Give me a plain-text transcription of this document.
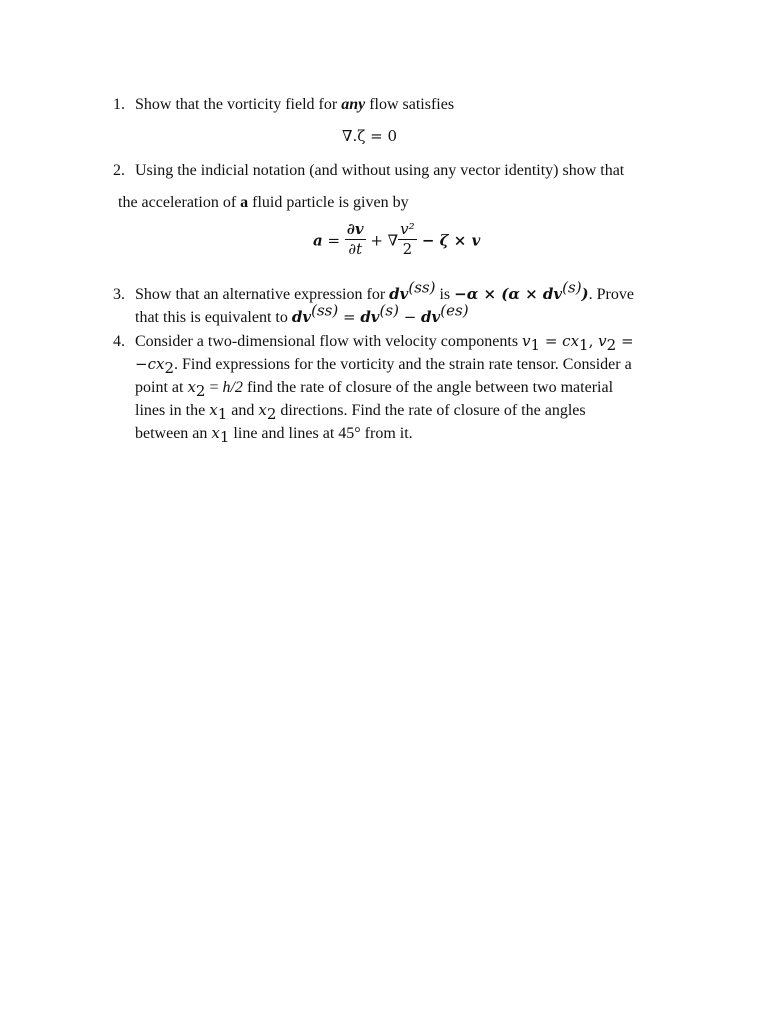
1. Show that the vorticity field for any flow satisfies
∇.ζ = 0
2. Using the indicial notation (and without using any vector identity) show that
the acceleration of a fluid particle is given by
$a = \frac{\partial v}{\partial t}$ + ∇ $\frac{\text{v²}}{2} - \zeta \times v$
3. Show that an alternative expression for $dv^{(ss)}$ is $-\alpha \times (\alpha \times dv^{(s)})$. Prove
that this is equivalent to $dv^{(ss)} = dv^{(s)} - dv^{(es)}$
4. Consider a two-dimensional flow with velocity components $v_1 = cx_1$, $v_2$ =
$-cx_2$. Find expressions for the vorticity and the strain rate tensor. Consider a
point at $x_2 = h/2$ find the rate of closure of the angle between two material
lines in the $x_1$ and $x_2$ directions. Find the rate of closure of the angles
between an $x_1$ line and lines at 45° from it.
